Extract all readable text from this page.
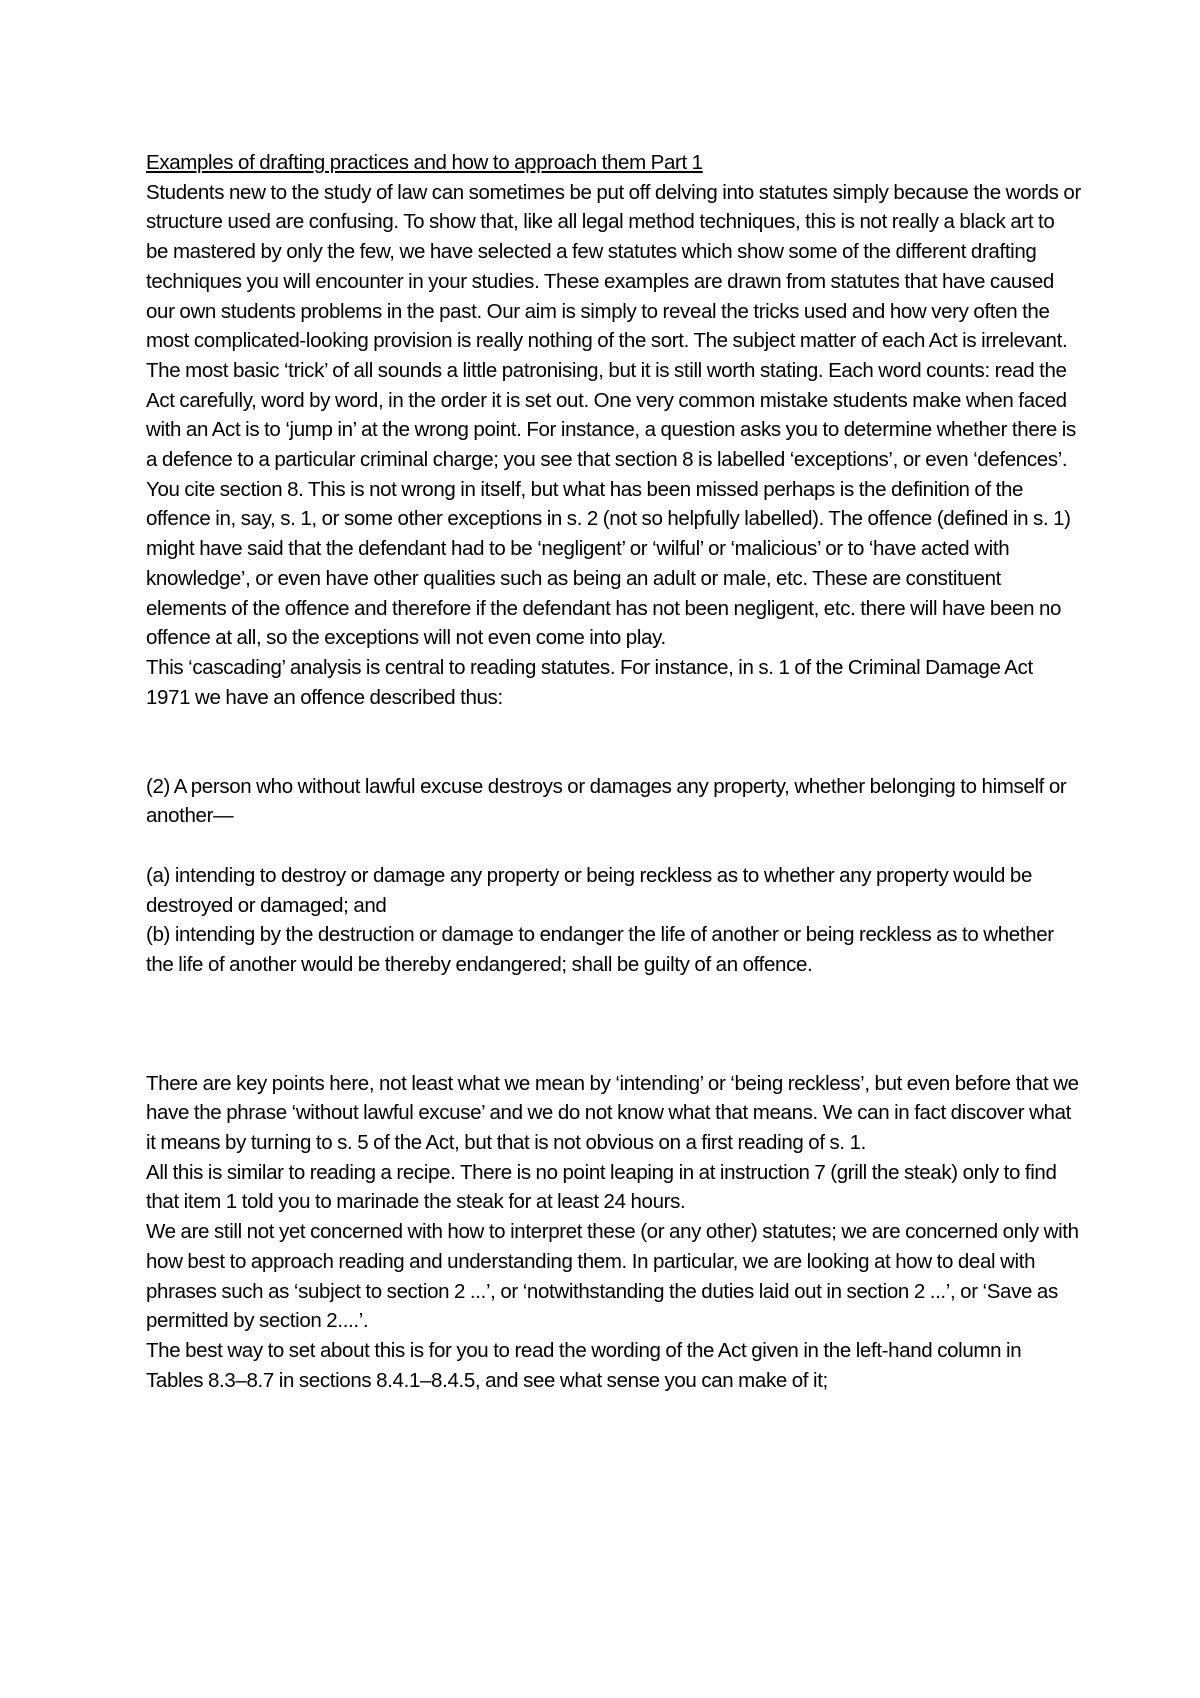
Examples of drafting practices and how to approach them Part 1

Students new to the study of law can sometimes be put off delving into statutes simply because the words or structure used are confusing. To show that, like all legal method techniques, this is not really a black art to be mastered by only the few, we have selected a few statutes which show some of the different drafting techniques you will encounter in your studies. These examples are drawn from statutes that have caused our own students problems in the past. Our aim is simply to reveal the tricks used and how very often the most complicated-looking provision is really nothing of the sort. The subject matter of each Act is irrelevant.

The most basic ‘trick’ of all sounds a little patronising, but it is still worth stating. Each word counts: read the Act carefully, word by word, in the order it is set out. One very common mistake students make when faced with an Act is to ‘jump in’ at the wrong point. For instance, a question asks you to determine whether there is a defence to a particular criminal charge; you see that section 8 is labelled ‘exceptions’, or even ‘defences’. You cite section 8. This is not wrong in itself, but what has been missed perhaps is the definition of the offence in, say, s. 1, or some other exceptions in s. 2 (not so helpfully labelled). The offence (defined in s. 1) might have said that the defendant had to be ‘negligent’ or ‘wilful’ or ‘malicious’ or to ‘have acted with knowledge’, or even have other qualities such as being an adult or male, etc. These are constituent elements of the offence and therefore if the defendant has not been negligent, etc. there will have been no offence at all, so the exceptions will not even come into play.

This ‘cascading’ analysis is central to reading statutes. For instance, in s. 1 of the Criminal Damage Act 1971 we have an offence described thus:

(2) A person who without lawful excuse destroys or damages any property, whether belonging to himself or another—

(a) intending to destroy or damage any property or being reckless as to whether any property would be destroyed or damaged; and

(b) intending by the destruction or damage to endanger the life of another or being reckless as to whether the life of another would be thereby endangered; shall be guilty of an offence.

There are key points here, not least what we mean by ‘intending’ or ‘being reckless’, but even before that we have the phrase ‘without lawful excuse’ and we do not know what that means. We can in fact discover what it means by turning to s. 5 of the Act, but that is not obvious on a first reading of s. 1.

All this is similar to reading a recipe. There is no point leaping in at instruction 7 (grill the steak) only to find that item 1 told you to marinade the steak for at least 24 hours.

We are still not yet concerned with how to interpret these (or any other) statutes; we are concerned only with how best to approach reading and understanding them. In particular, we are looking at how to deal with phrases such as ‘subject to section 2 ...’, or ‘notwithstanding the duties laid out in section 2 ...’, or ‘Save as permitted by section 2....’.

The best way to set about this is for you to read the wording of the Act given in the left-hand column in Tables 8.3–8.7 in sections 8.4.1–8.4.5, and see what sense you can make of it;
